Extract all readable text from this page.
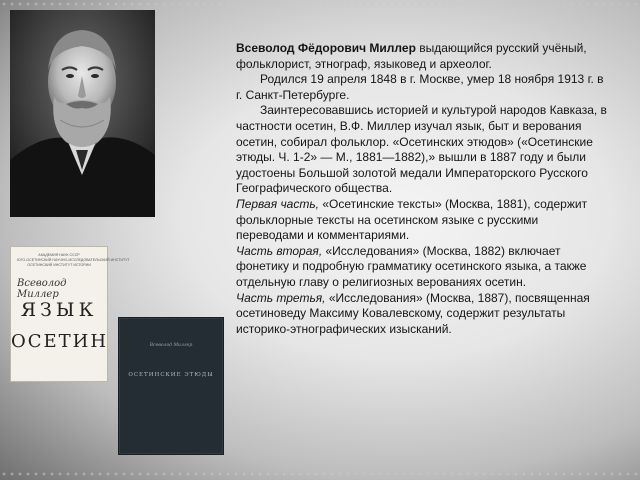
АКАДЕМИЯ НАУК СССР
ЮГО-ОСЕТИНСКИЙ НАУЧНО-ИССЛЕДОВАТЕЛЬСКИЙ ИНСТИТУТ
ОСЕТИНСКИЙ ИНСТИТУТ ИСТОРИИ
Всеволод Миллер
ЯЗЫК
ОСЕТИН	Всеволод Миллер
ОСЕТИНСКИЕ ЭТЮДЫ

Всеволод Фёдорович Миллер выдающийся русский учёный, фольклорист, этнограф, языковед и археолог.

Родился 19 апреля 1848 в г. Москве, умер 18 ноября 1913 г. в г. Санкт-Петербурге.

Заинтересовавшись историей и культурой народов Кавказа, в частности осетин, В.Ф. Миллер изучал язык, быт и верования осетин, собирал фольклор. «Осетинских этюдов» («Осетинские этюды. Ч. 1-2» — М., 1881—1882),» вышли в 1887 году и были удостоены Большой золотой медали Императорского Русского Географического общества.

Первая часть, «Осетинские тексты» (Москва, 1881), содержит фольклорные тексты на осетинском языке с русскими переводами и комментариями.

Часть вторая, «Исследования» (Москва, 1882) включает фонетику и подробную грамматику осетинского языка, а также отдельную главу о религиозных верованиях осетин.

Часть третья, «Исследования» (Москва, 1887), посвященная осетиноведу Максиму Ковалевскому, содержит результаты историко-этнографических изысканий.
